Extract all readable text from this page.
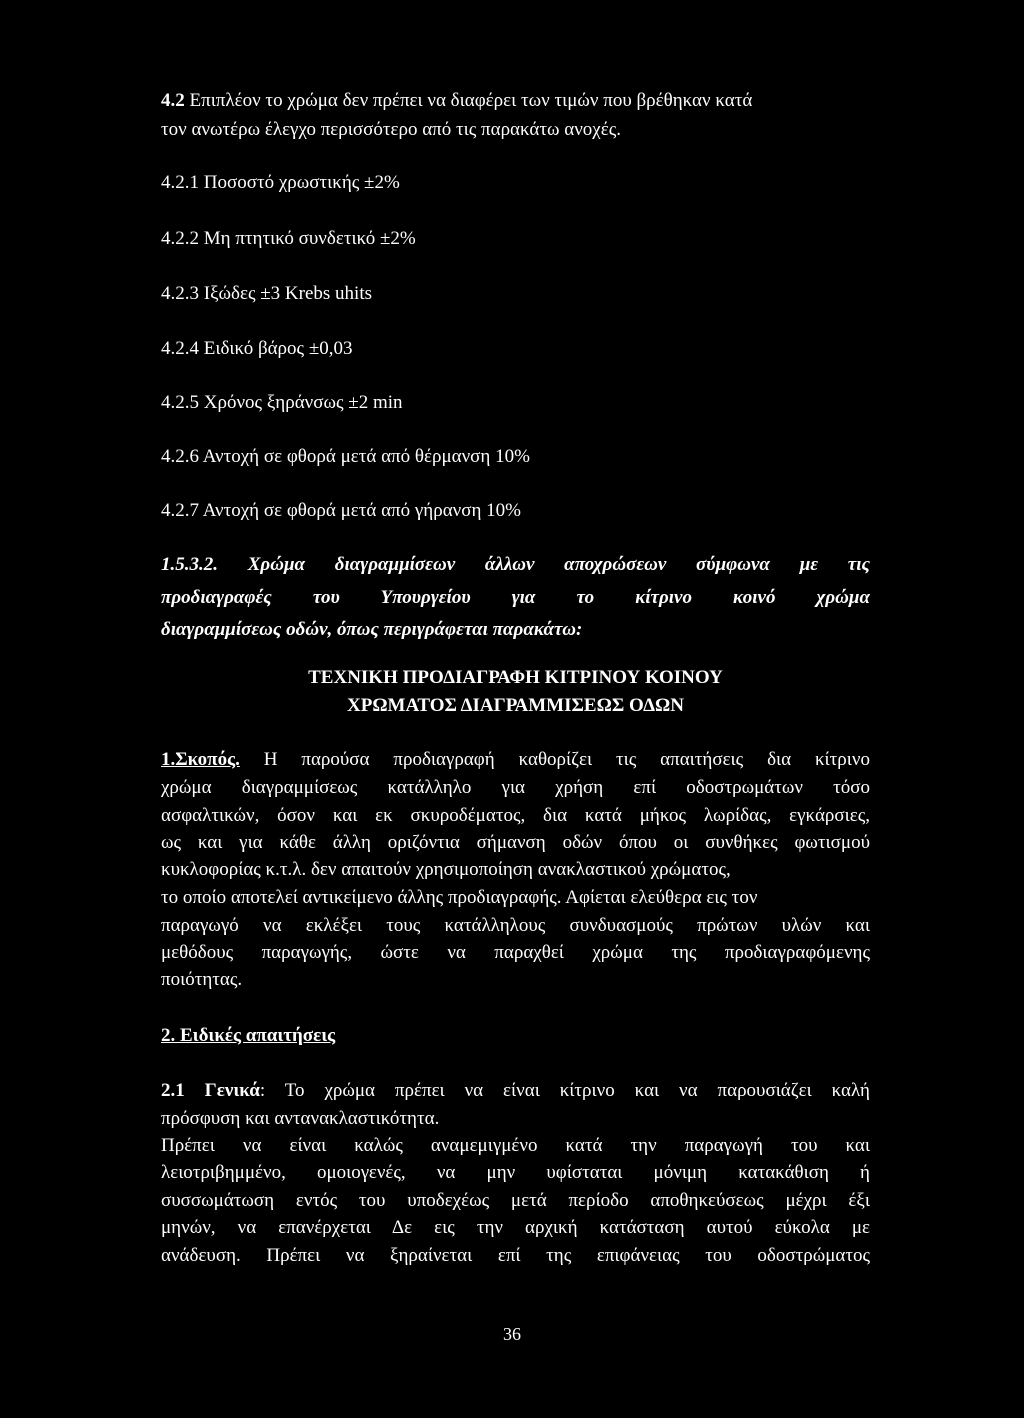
4.2 Επιπλέον το χρώμα δεν πρέπει να διαφέρει των τιμών που βρέθηκαν κατά
τον ανωτέρω έλεγχο περισσότερο από τις παρακάτω ανοχές.
4.2.1 Ποσοστό χρωστικής ±2%
4.2.2 Μη πτητικό συνδετικό ±2%
4.2.3 Ιξώδες ±3 Krebs uhits
4.2.4 Ειδικό βάρος ±0,03
4.2.5 Χρόνος ξηράνσως ±2 min
4.2.6 Αντοχή σε φθορά μετά από θέρμανση 10%
4.2.7 Αντοχή σε φθορά μετά από γήρανση 10%
1.5.3.2. Χρώμα διαγραμμίσεων άλλων αποχρώσεων σύμφωνα με τις
προδιαγραφές του Υπουργείου για το κίτρινο κοινό χρώμα
διαγραμμίσεως οδών, όπως περιγράφεται παρακάτω:
ΤΕΧΝΙΚΗ ΠΡΟΔΙΑΓΡΑΦΗ ΚΙΤΡΙΝΟΥ ΚΟΙΝΟΥ
ΧΡΩΜΑΤΟΣ ΔΙΑΓΡΑΜΜΙΣΕΩΣ ΟΔΩΝ
1.Σκοπός. Η παρούσα προδιαγραφή καθορίζει τις απαιτήσεις δια κίτρινο
χρώμα διαγραμμίσεως κατάλληλο για χρήση επί οδοστρωμάτων τόσο
ασφαλτικών, όσον και εκ σκυροδέματος, δια κατά μήκος λωρίδας, εγκάρσιες,
ως και για κάθε άλλη οριζόντια σήμανση οδών όπου οι συνθήκες φωτισμού
κυκλοφορίας κ.τ.λ. δεν απαιτούν χρησιμοποίηση ανακλαστικού χρώματος,
το οποίο αποτελεί αντικείμενο άλλης προδιαγραφής. Αφίεται ελεύθερα εις τον
παραγωγό να εκλέξει τους κατάλληλους συνδυασμούς πρώτων υλών και
μεθόδους παραγωγής, ώστε να παραχθεί χρώμα της προδιαγραφόμενης
ποιότητας.
2. Ειδικές απαιτήσεις
2.1 Γενικά: Το χρώμα πρέπει να είναι κίτρινο και να παρουσιάζει καλή
πρόσφυση και αντανακλαστικότητα.
Πρέπει να είναι καλώς αναμεμιγμένο κατά την παραγωγή του και
λειοτριβημμένο, ομοιογενές, να μην υφίσταται μόνιμη κατακάθιση ή
συσσωμάτωση εντός του υποδεχέως μετά περίοδο αποθηκεύσεως μέχρι έξι
μηνών, να επανέρχεται Δε εις την αρχική κατάσταση αυτού εύκολα με
ανάδευση. Πρέπει να ξηραίνεται επί της επιφάνειας του οδοστρώματος
36
